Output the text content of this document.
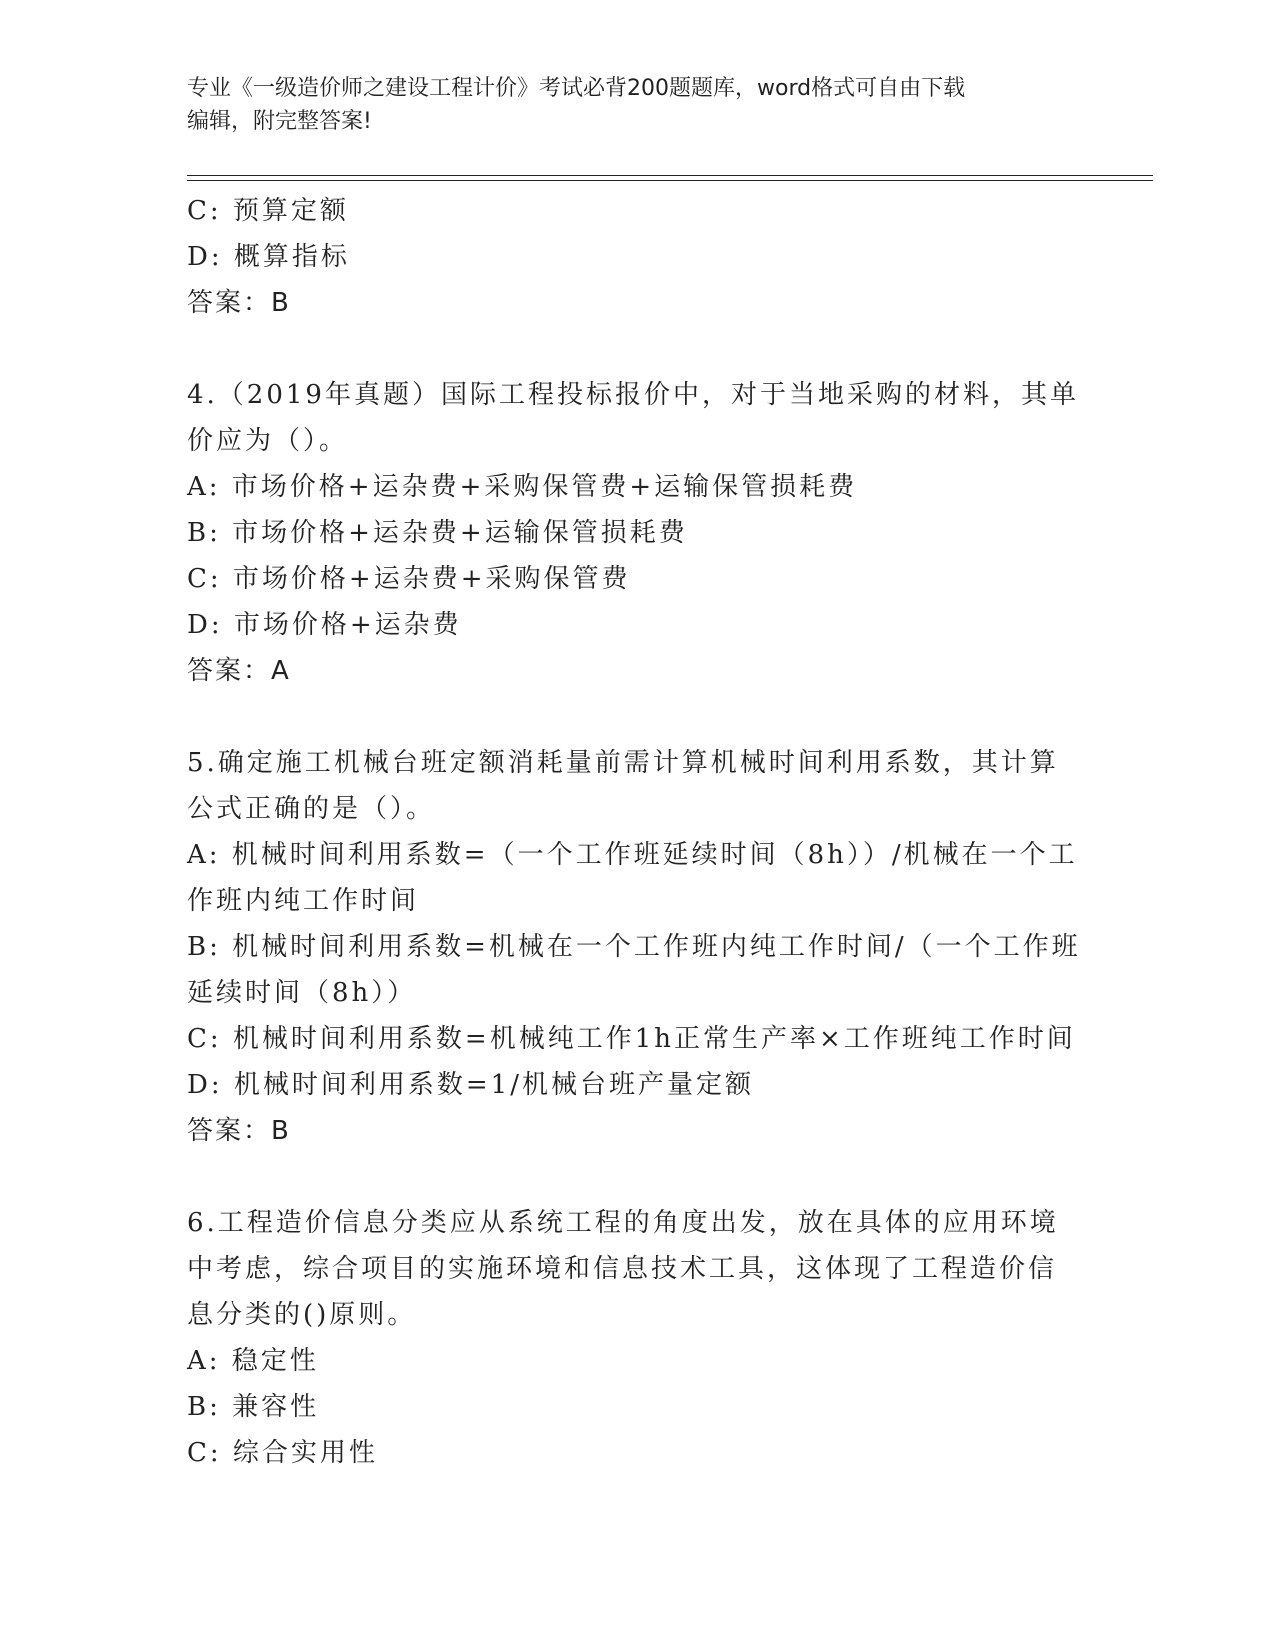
专业《一级造价师之建设工程计价》考试必背200题题库，word格式可自由下载
编辑，附完整答案!
C: 预算定额
D: 概算指标
答案：B
4.（2019年真题）国际工程投标报价中，对于当地采购的材料，其单
价应为（）。
A: 市场价格+运杂费+采购保管费+运输保管损耗费
B: 市场价格+运杂费+运输保管损耗费
C: 市场价格+运杂费+采购保管费
D: 市场价格+运杂费
答案：A
5.确定施工机械台班定额消耗量前需计算机械时间利用系数，其计算
公式正确的是（）。
A: 机械时间利用系数=（一个工作班延续时间（8h））/机械在一个工
作班内纯工作时间
B: 机械时间利用系数=机械在一个工作班内纯工作时间/（一个工作班
延续时间（8h））
C: 机械时间利用系数=机械纯工作1h正常生产率×工作班纯工作时间
D: 机械时间利用系数=1/机械台班产量定额
答案：B
6.工程造价信息分类应从系统工程的角度出发，放在具体的应用环境
中考虑，综合项目的实施环境和信息技术工具，这体现了工程造价信
息分类的()原则。
A: 稳定性
B: 兼容性
C: 综合实用性
